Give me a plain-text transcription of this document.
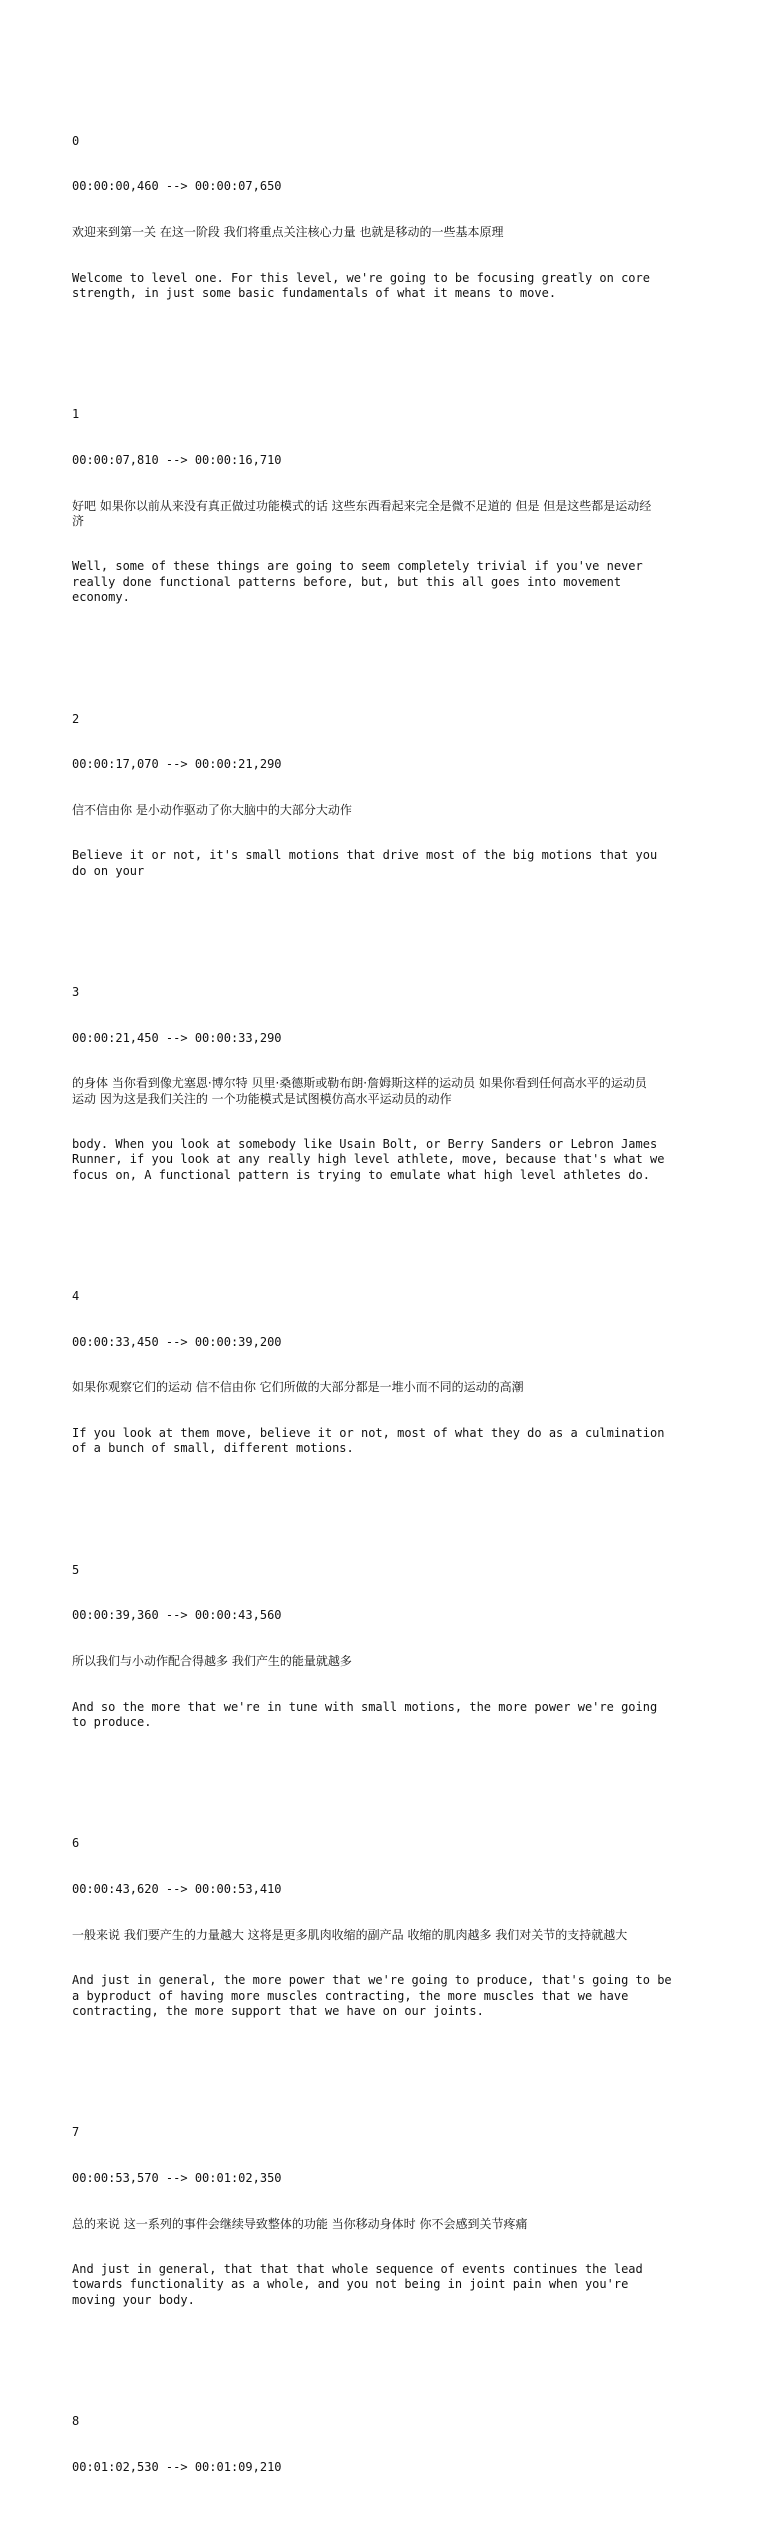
0

00:00:00,460 --> 00:00:07,650

欢迎来到第一关 在这一阶段 我们将重点关注核心力量 也就是移动的一些基本原理

Welcome to level one. For this level, we're going to be focusing greatly on core
strength, in just some basic fundamentals of what it means to move.

1

00:00:07,810 --> 00:00:16,710

好吧 如果你以前从来没有真正做过功能模式的话 这些东西看起来完全是微不足道的 但是 但是这些都是运动经
济

Well, some of these things are going to seem completely trivial if you've never
really done functional patterns before, but, but this all goes into movement
economy.

2

00:00:17,070 --> 00:00:21,290

信不信由你 是小动作驱动了你大脑中的大部分大动作

Believe it or not, it's small motions that drive most of the big motions that you
do on your

3

00:00:21,450 --> 00:00:33,290

的身体 当你看到像尤塞恩·博尔特 贝里·桑德斯或勒布朗·詹姆斯这样的运动员 如果你看到任何高水平的运动员
运动 因为这是我们关注的 一个功能模式是试图模仿高水平运动员的动作

body. When you look at somebody like Usain Bolt, or Berry Sanders or Lebron James
Runner, if you look at any really high level athlete, move, because that's what we
focus on, A functional pattern is trying to emulate what high level athletes do.

4

00:00:33,450 --> 00:00:39,200

如果你观察它们的运动 信不信由你 它们所做的大部分都是一堆小而不同的运动的高潮

If you look at them move, believe it or not, most of what they do as a culmination
of a bunch of small, different motions.

5

00:00:39,360 --> 00:00:43,560

所以我们与小动作配合得越多 我们产生的能量就越多

And so the more that we're in tune with small motions, the more power we're going
to produce.

6

00:00:43,620 --> 00:00:53,410

一般来说 我们要产生的力量越大 这将是更多肌肉收缩的副产品 收缩的肌肉越多 我们对关节的支持就越大

And just in general, the more power that we're going to produce, that's going to be
a byproduct of having more muscles contracting, the more muscles that we have
contracting, the more support that we have on our joints.

7

00:00:53,570 --> 00:01:02,350

总的来说 这一系列的事件会继续导致整体的功能 当你移动身体时 你不会感到关节疼痛

And just in general, that that that whole sequence of events continues the lead
towards functionality as a whole, and you not being in joint pain when you're
moving your body.

8

00:01:02,530 --> 00:01:09,210
